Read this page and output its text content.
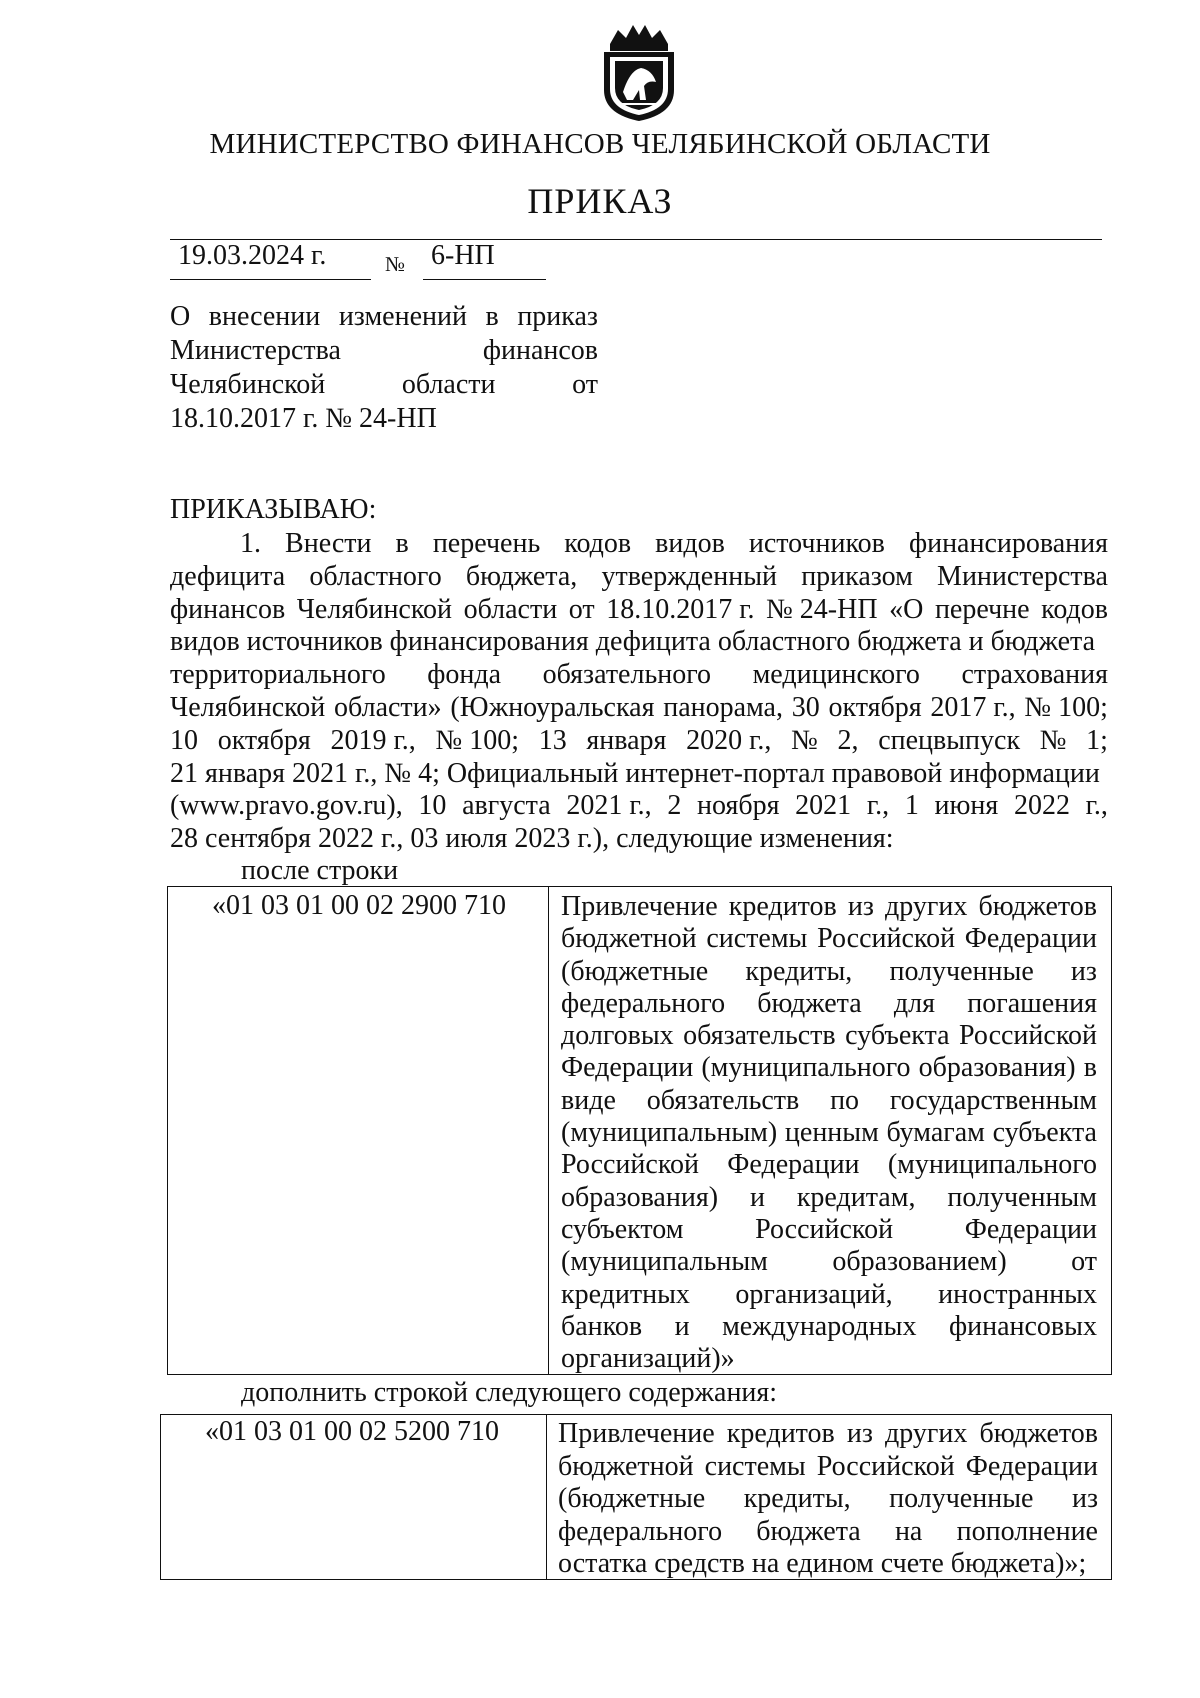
МИНИСТЕРСТВО ФИНАНСОВ ЧЕЛЯБИНСКОЙ ОБЛАСТИ
ПРИКАЗ
19.03.2024 г.	№ 6-НП
О внесении изменений в приказ
Министерства	финансов
Челябинской	области	от
18.10.2017 г. № 24-НП
ПРИКАЗЫВАЮ:
1. Внести в перечень кодов видов источников финансирования
дефицита областного бюджета, утвержденный приказом Министерства
финансов Челябинской области от 18.10.2017 г. № 24-НП «О перечне кодов
видов источников финансирования дефицита областного бюджета и бюджета
территориального фонда обязательного медицинского страхования
Челябинской области» (Южноуральская панорама, 30 октября 2017 г., № 100;
10 октября 2019 г., № 100; 13 января 2020 г., № 2, спецвыпуск № 1;
21 января 2021 г., № 4; Официальный интернет-портал правовой информации
(www.pravo.gov.ru), 10 августа 2021 г., 2 ноября 2021 г., 1 июня 2022 г.,
28 сентября 2022 г., 03 июля 2023 г.), следующие изменения:
после строки
«01 03 01 00 02 2900 710 Привлечение кредитов из других бюджетов
бюджетной системы Российской Федерации
(бюджетные кредиты, полученные из
федерального бюджета для погашения
долговых обязательств субъекта Российской
Федерации (муниципального образования) в
виде обязательств по государственным
(муниципальным) ценным бумагам субъекта
Российской Федерации (муниципального
образования) и кредитам, полученным
субъектом	Российской	Федерации
(муниципальным образованием) от
кредитных организаций, иностранных
банков и международных финансовых
организаций)»
дополнить строкой следующего содержания:
«01 03 01 00 02 5200 710 Привлечение кредитов из других бюджетов
бюджетной системы Российской Федерации
(бюджетные кредиты, полученные из
федерального бюджета на пополнение
остатка средств на едином счете бюджета)»;
